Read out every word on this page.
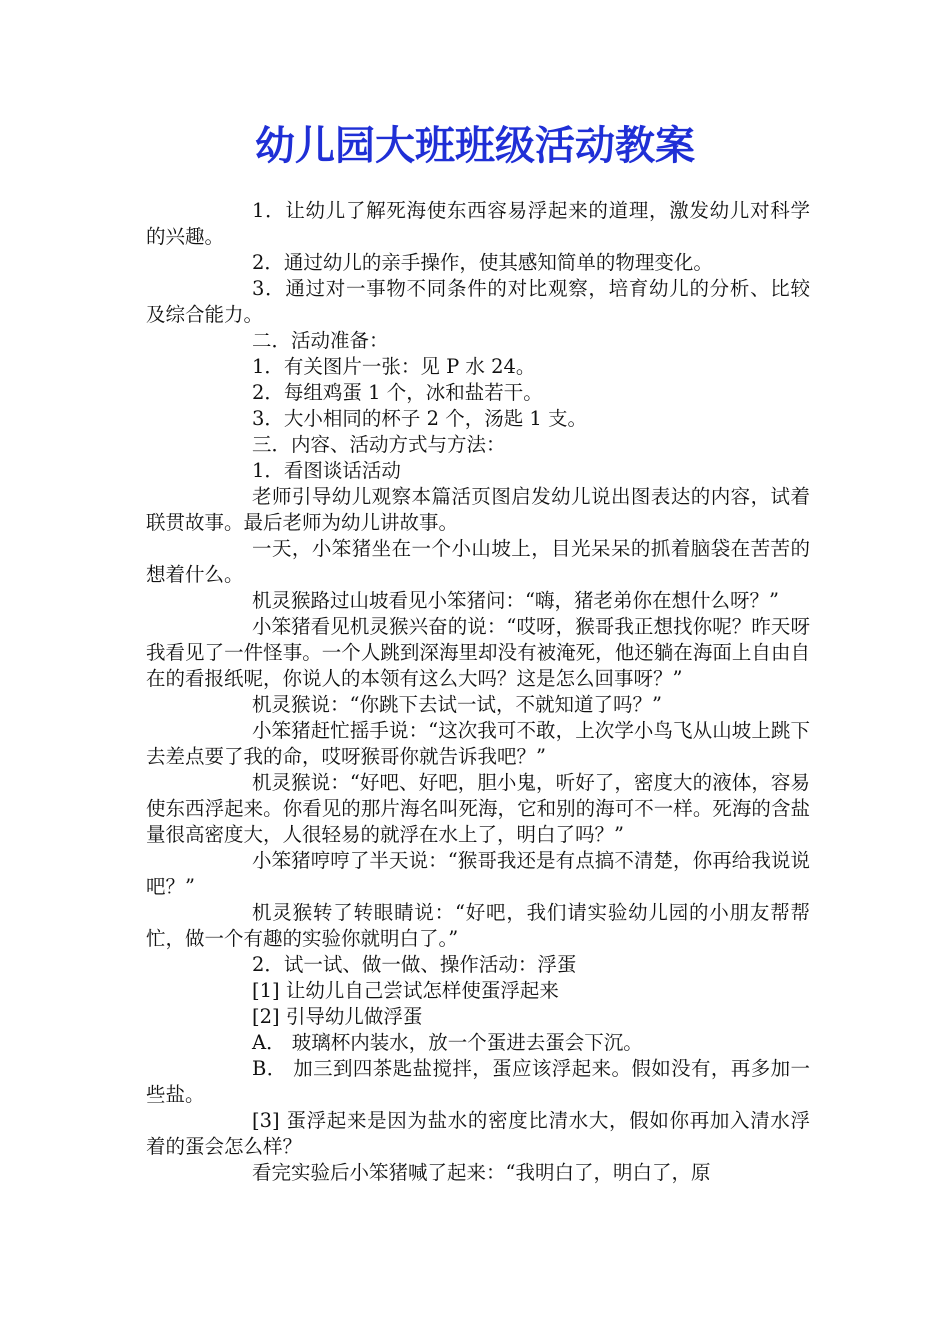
幼儿园大班班级活动教案

1．让幼儿了解死海使东西容易浮起来的道理，激发幼儿对科学的兴趣。

2．通过幼儿的亲手操作，使其感知简单的物理变化。

3．通过对一事物不同条件的对比观察，培育幼儿的分析、比较及综合能力。

二．活动准备：

1．有关图片一张：见 P 水 24。

2．每组鸡蛋 1 个，冰和盐若干。

3．大小相同的杯子 2 个，汤匙 1 支。

三．内容、活动方式与方法：

1．看图谈话活动

老师引导幼儿观察本篇活页图启发幼儿说出图表达的内容，试着联贯故事。最后老师为幼儿讲故事。

一天，小笨猪坐在一个小山坡上，目光呆呆的抓着脑袋在苦苦的想着什么。

机灵猴路过山坡看见小笨猪问：“嗨，猪老弟你在想什么呀？”

小笨猪看见机灵猴兴奋的说：“哎呀，猴哥我正想找你呢？昨天呀我看见了一件怪事。一个人跳到深海里却没有被淹死，他还躺在海面上自由自在的看报纸呢，你说人的本领有这么大吗？这是怎么回事呀？”

机灵猴说：“你跳下去试一试，不就知道了吗？”

小笨猪赶忙摇手说：“这次我可不敢，上次学小鸟飞从山坡上跳下去差点要了我的命，哎呀猴哥你就告诉我吧？”

机灵猴说：“好吧、好吧，胆小鬼，听好了，密度大的液体，容易使东西浮起来。你看见的那片海名叫死海，它和别的海可不一样。死海的含盐量很高密度大，人很轻易的就浮在水上了，明白了吗？”

小笨猪哼哼了半天说：“猴哥我还是有点搞不清楚，你再给我说说吧？”

机灵猴转了转眼睛说：“好吧，我们请实验幼儿园的小朋友帮帮忙，做一个有趣的实验你就明白了。”

2．试一试、做一做、操作活动：浮蛋

[1] 让幼儿自己尝试怎样使蛋浮起来

[2] 引导幼儿做浮蛋

A． 玻璃杯内装水，放一个蛋进去蛋会下沉。

B． 加三到四茶匙盐搅拌，蛋应该浮起来。假如没有，再多加一些盐。

[3] 蛋浮起来是因为盐水的密度比清水大，假如你再加入清水浮着的蛋会怎么样？

看完实验后小笨猪喊了起来：“我明白了，明白了，原
